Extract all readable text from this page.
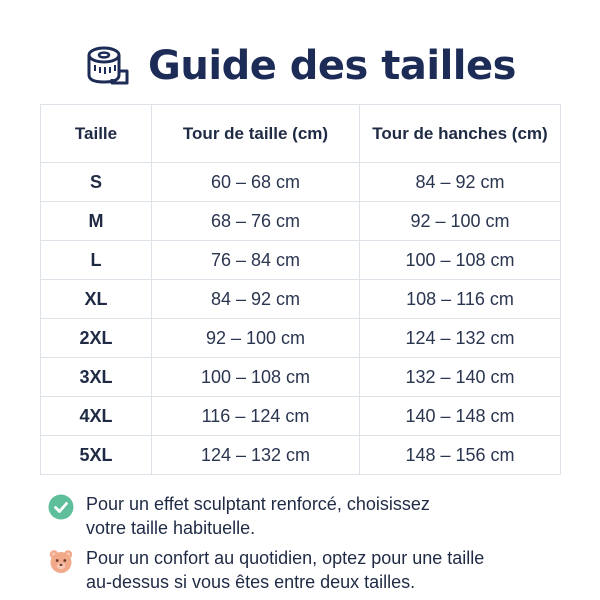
Guide des tailles
Taille	Tour de taille (cm)	Tour de hanches (cm)
S	60 – 68 cm	84 – 92 cm
M	68 – 76 cm	92 – 100 cm
L	76 – 84 cm	100 – 108 cm
XL	84 – 92 cm	108 – 116 cm
2XL	92 – 100 cm	124 – 132 cm
3XL	100 – 108 cm	132 – 140 cm
4XL	116 – 124 cm	140 – 148 cm
5XL	124 – 132 cm	148 – 156 cm
Pour un effet sculptant renforcé, choisissez
votre taille habituelle.
Pour un confort au quotidien, optez pour une taille
au-dessus si vous êtes entre deux tailles.
